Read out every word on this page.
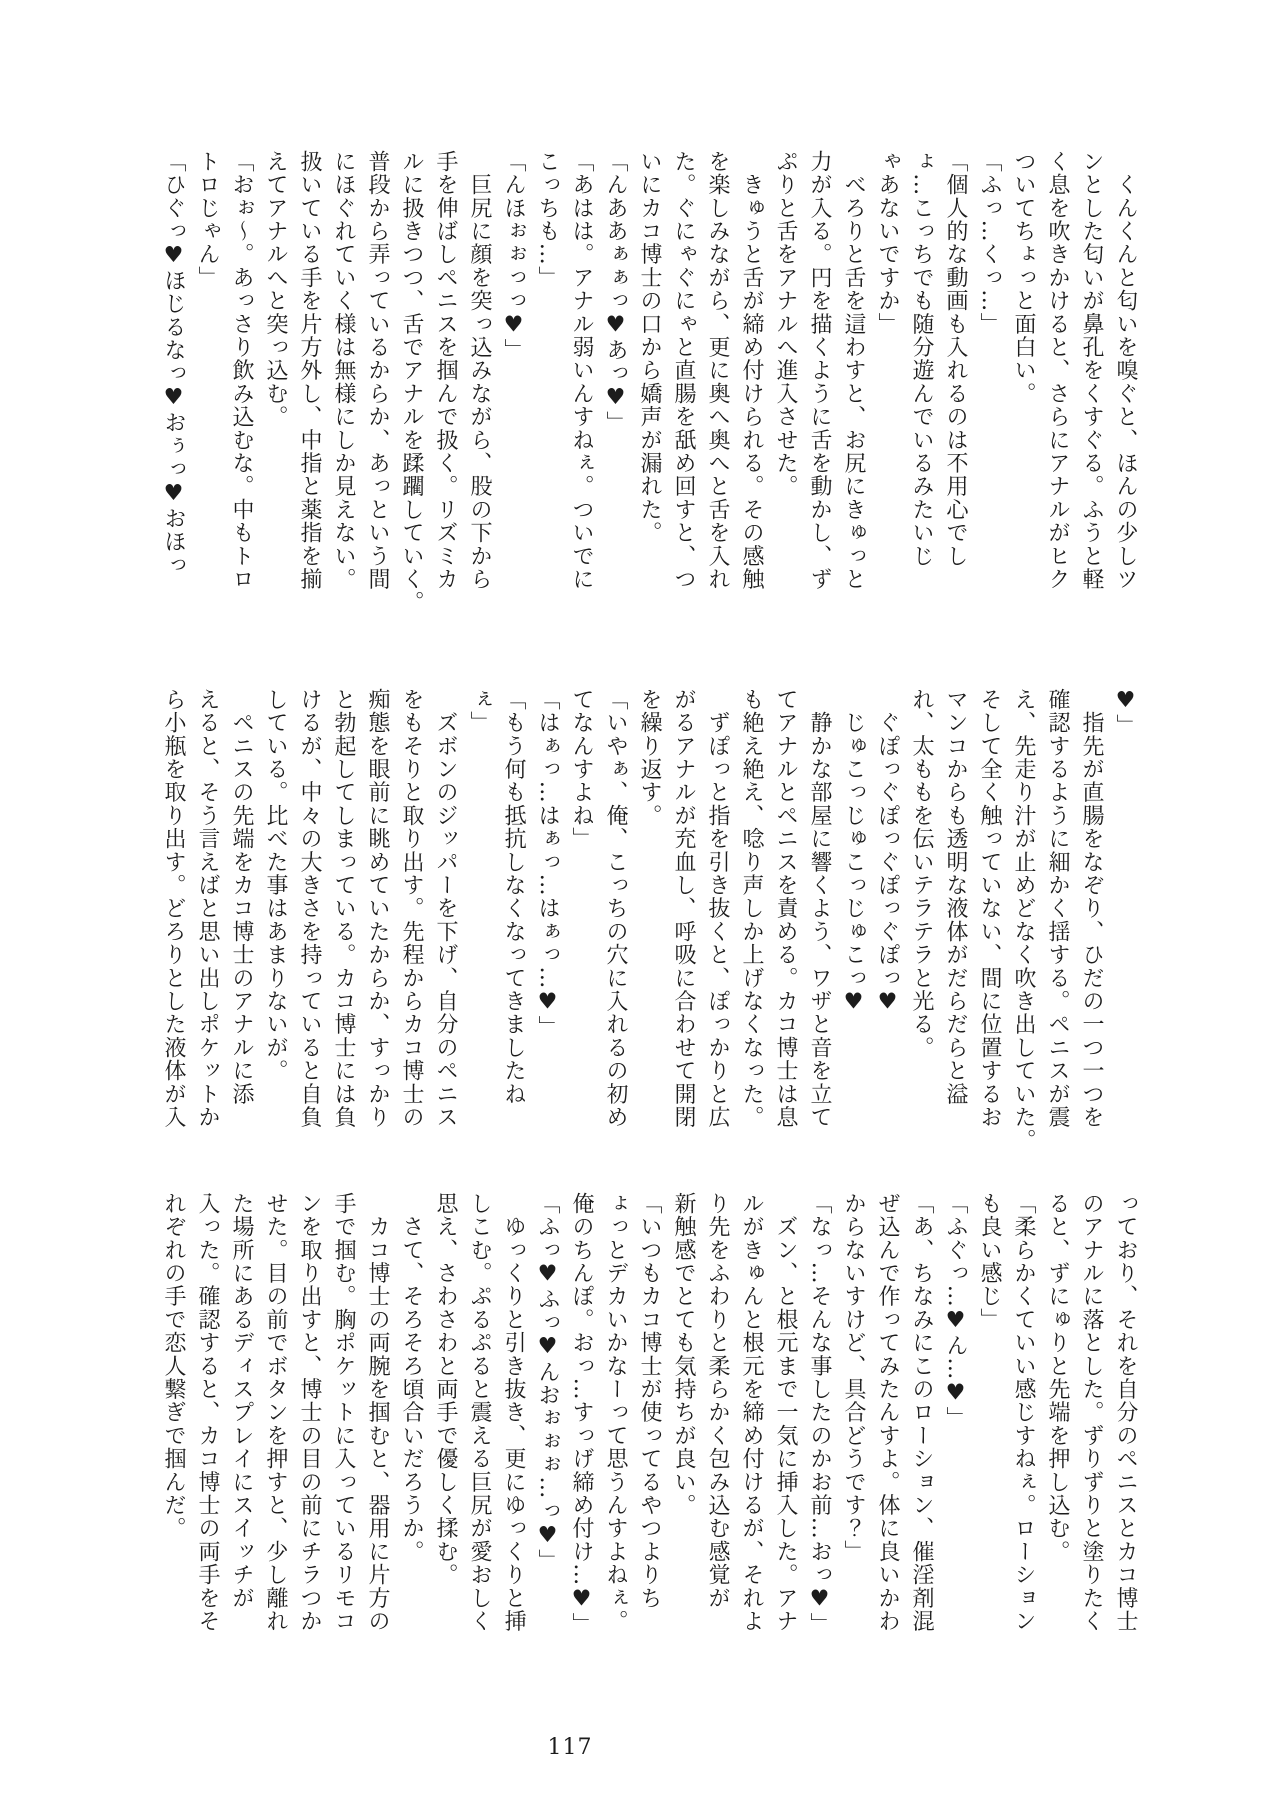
　くんくんと匂いを嗅ぐと、ほんの少しツ
ンとした匂いが鼻孔をくすぐる。ふうと軽
く息を吹きかけると、さらにアナルがヒク
ついてちょっと面白い。
「ふっ…くっ…」
「個人的な動画も入れるのは不用心でし
ょ…こっちでも随分遊んでいるみたいじ
ゃあないですか」
　べろりと舌を這わすと、お尻にきゅっと
力が入る。円を描くように舌を動かし、ず
ぷりと舌をアナルへ進入させた。
　きゅうと舌が締め付けられる。その感触
を楽しみながら、更に奥へ奥へと舌を入れ
た。ぐにゃぐにゃと直腸を舐め回すと、つ
いにカコ博士の口から嬌声が漏れた。
「んああぁぁっ♥あっ♥」
「あはは。アナル弱いんすねぇ。ついでに
こっちも…」
「んほぉぉっっ♥」
　巨尻に顔を突っ込みながら、股の下から
手を伸ばしペニスを掴んで扱く。リズミカ
ルに扱きつつ、舌でアナルを蹂躙していく。
普段から弄っているからか、あっという間
にほぐれていく様は無様にしか見えない。
扱いている手を片方外し、中指と薬指を揃
えてアナルへと突っ込む。
「おぉ〜。あっさり飲み込むな。中もトロ
トロじゃん」
「ひぐっ♥ほじるなっ♥おぅっ♥おほっ
♥」
　指先が直腸をなぞり、ひだの一つ一つを
確認するように細かく揺する。ペニスが震
え、先走り汁が止めどなく吹き出していた。
そして全く触っていない、間に位置するお
マンコからも透明な液体がだらだらと溢
れ、太ももを伝いテラテラと光る。
　ぐぽっぐぽっぐぽっぐぽっ♥
　じゅこっじゅこっじゅこっ♥
　静かな部屋に響くよう、ワザと音を立て
てアナルとペニスを責める。カコ博士は息
も絶え絶え、唸り声しか上げなくなった。
　ずぽっと指を引き抜くと、ぽっかりと広
がるアナルが充血し、呼吸に合わせて開閉
を繰り返す。
「いやぁ、俺、こっちの穴に入れるの初め
てなんすよね」
「はぁっ…はぁっ…はぁっ…♥」
「もう何も抵抗しなくなってきましたね
ぇ」
　ズボンのジッパーを下げ、自分のペニス
をもそりと取り出す。先程からカコ博士の
痴態を眼前に眺めていたからか、すっかり
と勃起してしまっている。カコ博士には負
けるが、中々の大きさを持っていると自負
している。比べた事はあまりないが。
　ペニスの先端をカコ博士のアナルに添
えると、そう言えばと思い出しポケットか
ら小瓶を取り出す。どろりとした液体が入
っており、それを自分のペニスとカコ博士
のアナルに落とした。ずりずりと塗りたく
ると、ずにゅりと先端を押し込む。
「柔らかくていい感じすねぇ。ローション
も良い感じ」
「ふぐっ…♥ん…♥」
「あ、ちなみにこのローション、催淫剤混
ぜ込んで作ってみたんすよ。体に良いかわ
からないすけど、具合どうです？」
「なっ…そんな事したのかお前…おっ♥」
　ズン、と根元まで一気に挿入した。アナ
ルがきゅんと根元を締め付けるが、それよ
り先をふわりと柔らかく包み込む感覚が
新触感でとても気持ちが良い。
「いつもカコ博士が使ってるやつよりち
ょっとデカいかなーって思うんすよねぇ。
俺のちんぽ。おっ…すっげ締め付け…♥」
「ふっ♥ふっ♥んおぉぉぉ…っ♥」
　ゆっくりと引き抜き、更にゆっくりと挿
しこむ。ぷるぷると震える巨尻が愛おしく
思え、さわさわと両手で優しく揉む。
　さて、そろそろ頃合いだろうか。
　カコ博士の両腕を掴むと、器用に片方の
手で掴む。胸ポケットに入っているリモコ
ンを取り出すと、博士の目の前にチラつか
せた。目の前でボタンを押すと、少し離れ
た場所にあるディスプレイにスイッチが
入った。確認すると、カコ博士の両手をそ
れぞれの手で恋人繋ぎで掴んだ。
117
